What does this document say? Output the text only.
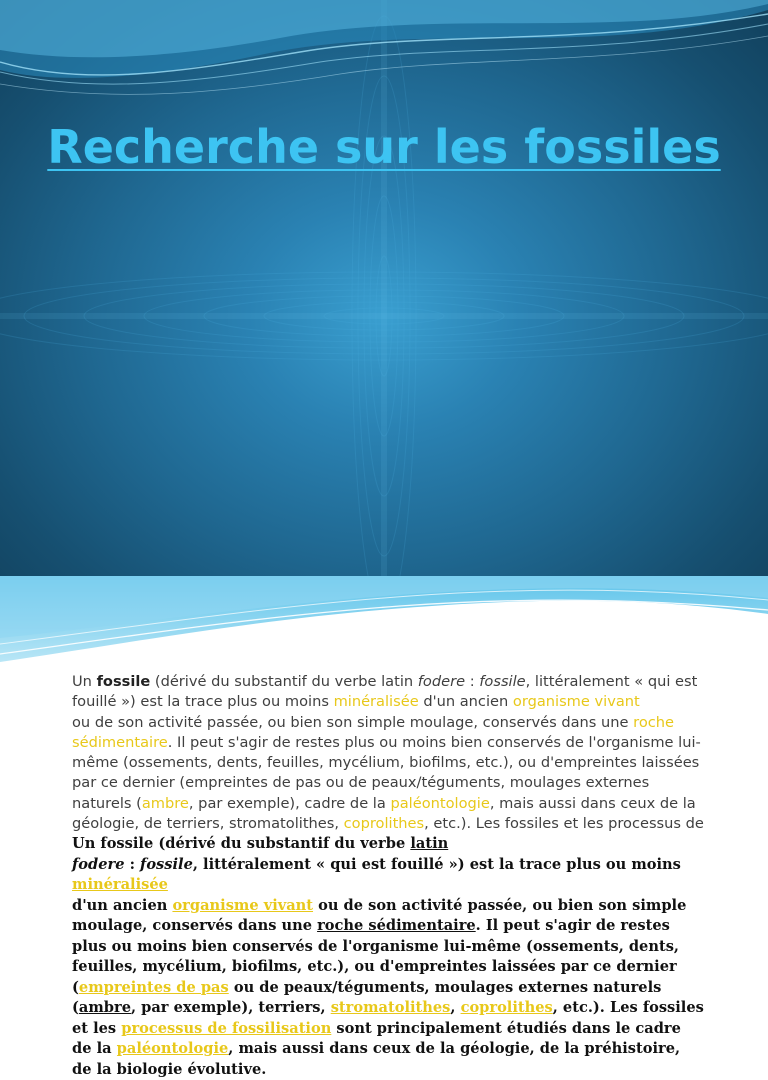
Recherche sur les fossiles
Un fossile (dérivé du substantif du verbe latin fodere : fossile, littéralement « qui est fouillé ») est la trace plus ou moins minéralisée d'un ancien organisme vivant
ou de son activité passée, ou bien son simple moulage, conservés dans une roche sédimentaire. Il peut s'agir de restes plus ou moins bien conservés de l'organisme lui-même (ossements, dents, feuilles, mycélium, biofilms, etc.), ou d'empreintes laissées par ce dernier (empreintes de pas ou de peaux/téguments, moulages externes naturels (ambre, par exemple), cadre de la paléontologie, mais aussi dans ceux de la géologie, de terriers, stromatolithes, coprolithes, etc.). Les fossiles et les processus de Un fossile (dérivé du substantif du verbe latin
fodere : fossile, littéralement « qui est fouillé ») est la trace plus ou moins minéralisée
d'un ancien organisme vivant ou de son activité passée, ou bien son simple moulage, conservés dans une roche sédimentaire. Il peut s'agir de restes plus ou moins bien conservés de l'organisme lui-même (ossements, dents, feuilles, mycélium, biofilms, etc.), ou d'empreintes laissées par ce dernier (empreintes de pas ou de peaux/téguments, moulages externes naturels (ambre, par exemple), terriers, stromatolithes, coprolithes, etc.). Les fossiles et les processus de fossilisation sont principalement étudiés dans le cadre de la paléontologie, mais aussi dans ceux de la géologie, de la préhistoire, de la biologie évolutive.
